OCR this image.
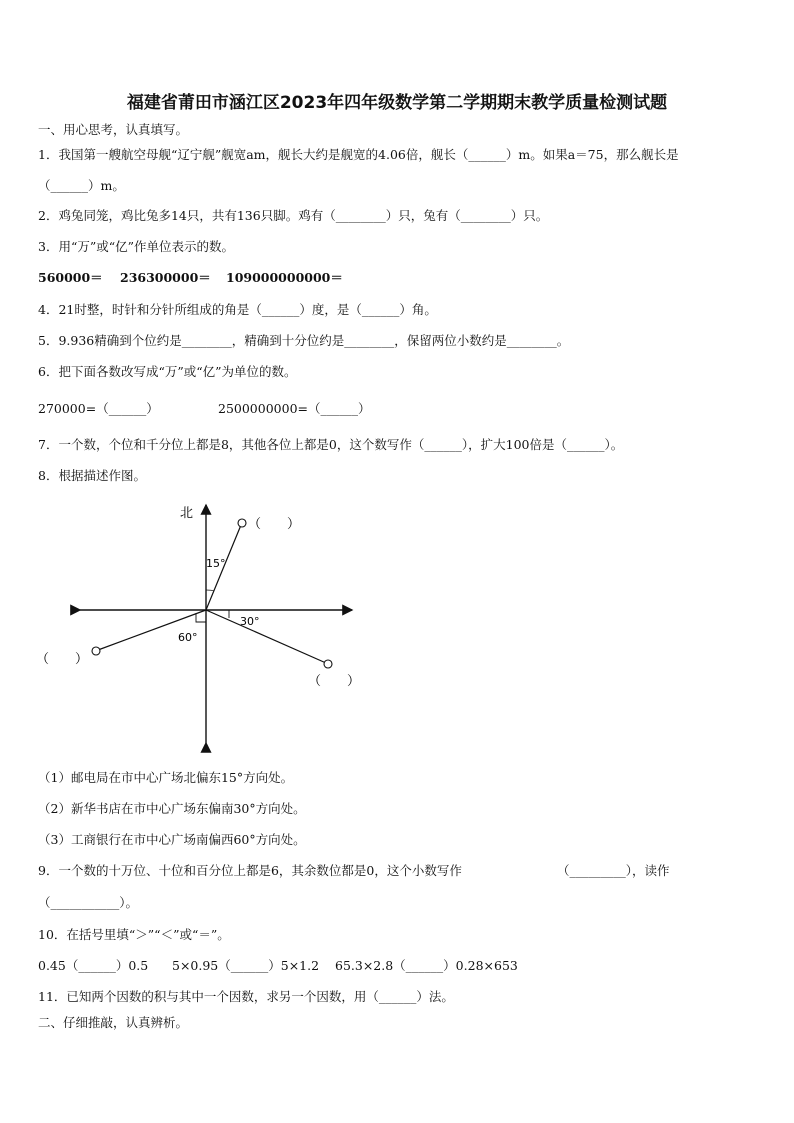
福建省莆田市涵江区2023年四年级数学第二学期期末教学质量检测试题
一、用心思考，认真填写。
1．我国第一艘航空母舰“辽宁舰”舰宽am，舰长大约是舰宽的4.06倍，舰长（______）m。如果a＝75，那么舰长是
（______）m。
2．鸡兔同笼，鸡比兔多14只，共有136只脚。鸡有（________）只，兔有（________）只。
3．用“万”或“亿”作单位表示的数。
560000＝ 236300000＝ 109000000000＝
4．21时整，时针和分针所组成的角是（______）度，是（______）角。
5．9.936精确到个位约是________，精确到十分位约是________，保留两位小数约是________。
6．把下面各数改写成“万”或“亿”为单位的数。
270000=（______）	2500000000=（______）
7．一个数，个位和千分位上都是8，其他各位上都是0，这个数写作（______），扩大100倍是（______）。
8．根据描述作图。
北
（　　）
15°
（　　）
30°
（　　）
60°
（1）邮电局在市中心广场北偏东15°方向处。
（2）新华书店在市中心广场东偏南30°方向处。
（3）工商银行在市中心广场南偏西60°方向处。
9．一个数的十万位、十位和百分位上都是6，其余数位都是0，这个小数写作	（_________），读作
（___________）。
10．在括号里填“＞”“＜”或“＝”。
0.45（______）0.5 5×0.95（______）5×1.2 65.3×2.8（______）0.28×653
11．已知两个因数的积与其中一个因数，求另一个因数，用（______）法。
二、仔细推敲，认真辨析。
